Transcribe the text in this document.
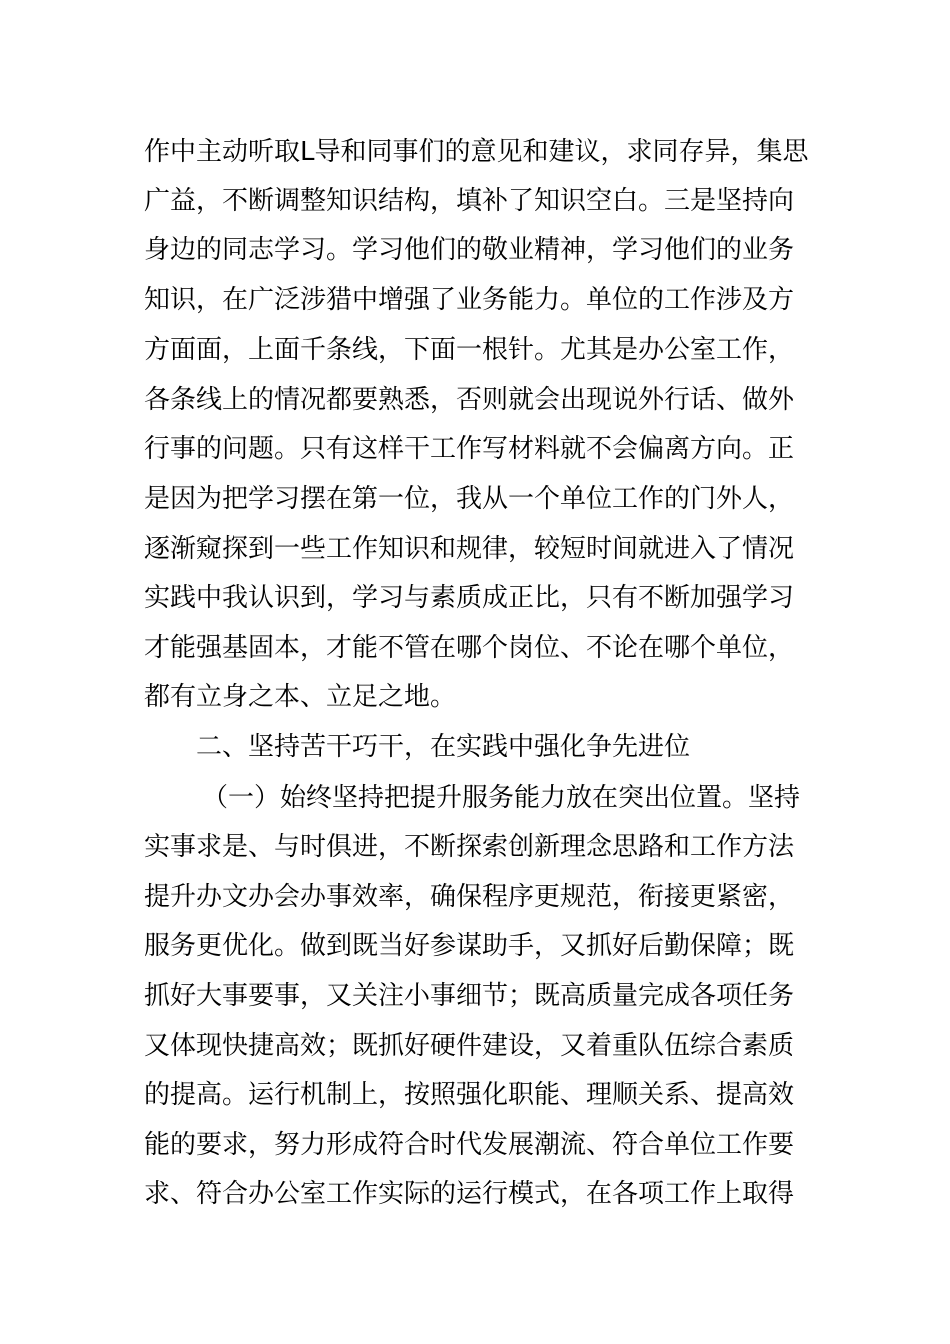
作中主动听取L导和同事们的意见和建议，求同存异，集思
广益，不断调整知识结构，填补了知识空白。三是坚持向
身边的同志学习。学习他们的敬业精神，学习他们的业务
知识，在广泛涉猎中增强了业务能力。单位的工作涉及方
方面面，上面千条线，下面一根针。尤其是办公室工作，
各条线上的情况都要熟悉，否则就会出现说外行话、做外
行事的问题。只有这样干工作写材料就不会偏离方向。正
是因为把学习摆在第一位，我从一个单位工作的门外人，
逐渐窥探到一些工作知识和规律，较短时间就进入了情况
实践中我认识到，学习与素质成正比，只有不断加强学习
才能强基固本，才能不管在哪个岗位、不论在哪个单位，
都有立身之本、立足之地。
二、坚持苦干巧干，在实践中强化争先进位
（一）始终坚持把提升服务能力放在突出位置。坚持
实事求是、与时俱进，不断探索创新理念思路和工作方法
提升办文办会办事效率，确保程序更规范，衔接更紧密，
服务更优化。做到既当好参谋助手，又抓好后勤保障；既
抓好大事要事，又关注小事细节；既高质量完成各项任务
又体现快捷高效；既抓好硬件建设，又着重队伍综合素质
的提高。运行机制上，按照强化职能、理顺关系、提高效
能的要求，努力形成符合时代发展潮流、符合单位工作要
求、符合办公室工作实际的运行模式，在各项工作上取得
